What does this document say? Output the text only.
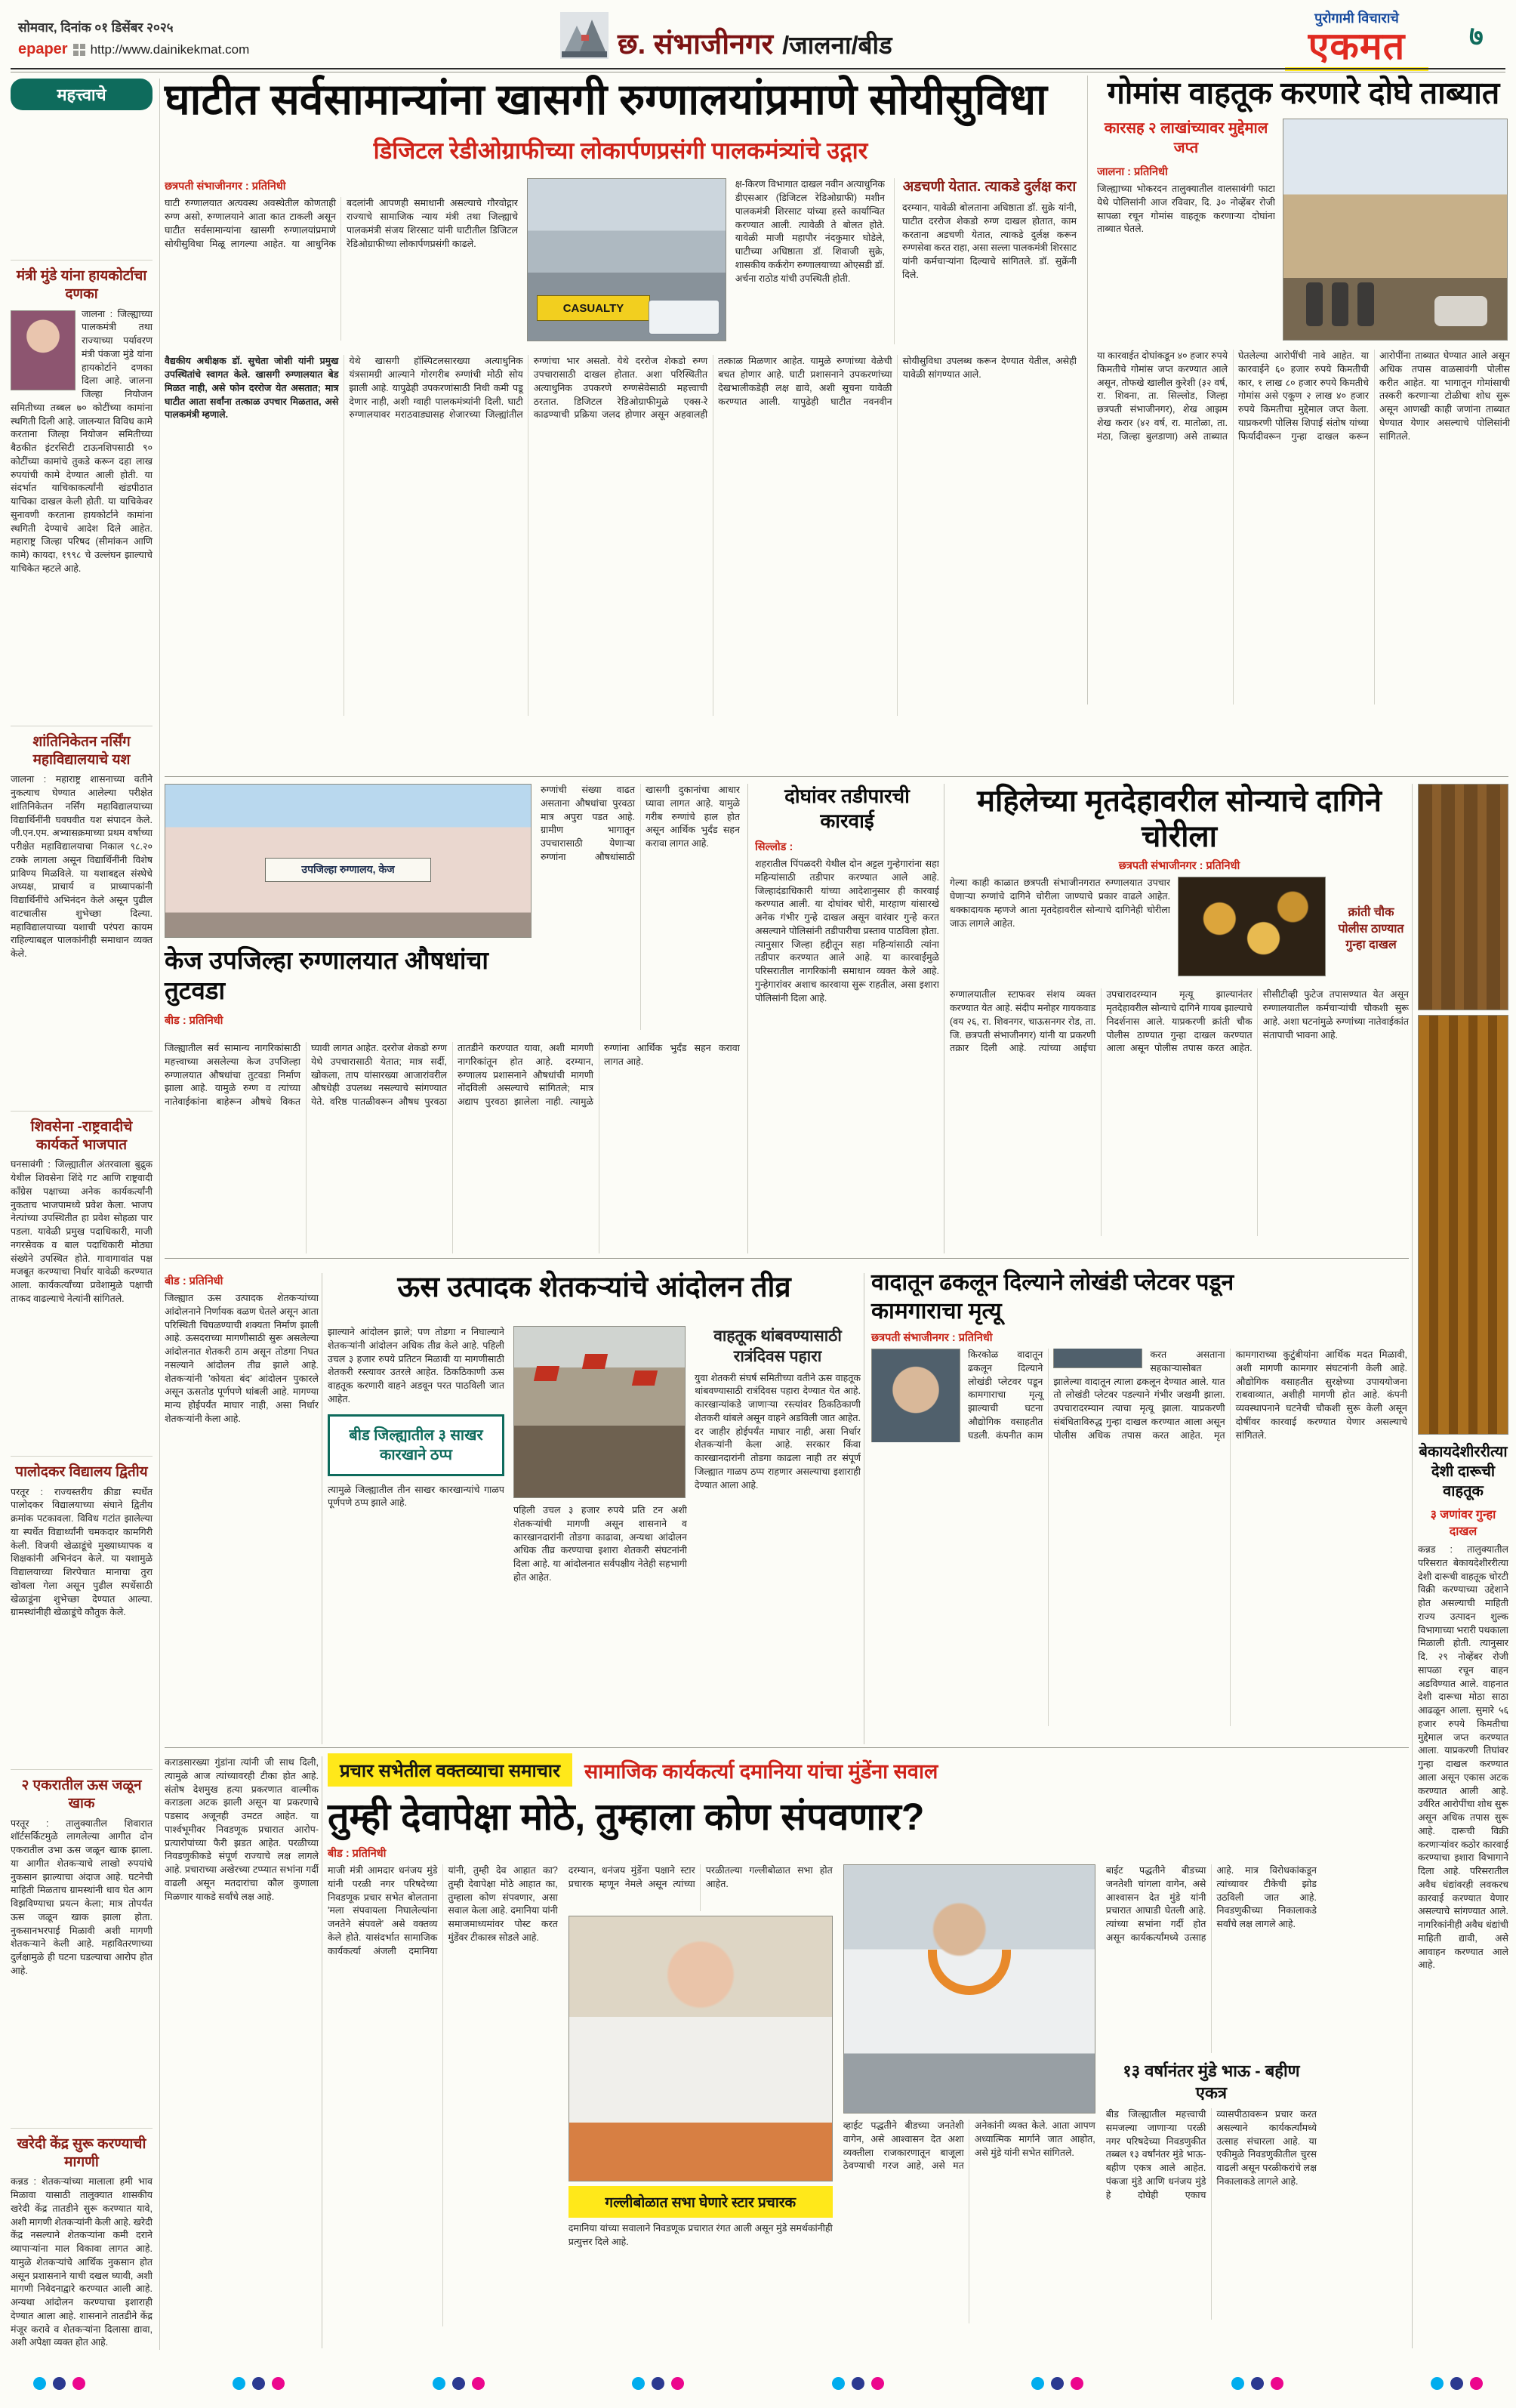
सोमवार, दिनांक ०१ डिसेंबर २०२५
epaper http://www.dainikekmat.com	छ. संभाजीनगर /जालना/बीड
पुरोगामी विचाराचे
एकमत	७
महत्त्वाचे
मंत्री मुंडे यांना हायकोर्टाचा दणका
जालना : जिल्ह्याच्या पालकमंत्री तथा राज्याच्या पर्यावरण मंत्री पंकजा मुंडे यांना हायकोर्टाने दणका दिला आहे. जालना जिल्हा नियोजन समितीच्या तब्बल ७० कोटींच्या कामांना स्थगिती दिली आहे. जालन्यात विविध कामे करताना जिल्हा नियोजन समितीच्या बैठकीत इंटरसिटी टाऊनशिपसाठी ९० कोटींच्या कामांचे तुकडे करून दहा लाख रुपयांची कामे देण्यात आली होती. या संदर्भात याचिकाकर्त्यांनी खंडपीठात याचिका दाखल केली होती. या याचिकेवर सुनावणी करताना हायकोर्टाने कामांना स्थगिती देण्याचे आदेश दिले आहेत. महाराष्ट्र जिल्हा परिषद (सीमांकन आणि कामे) कायदा, १९९८ चे उल्लंघन झाल्याचे याचिकेत म्हटले आहे.
शांतिनिकेतन नर्सिंग महाविद्यालयाचे यश
जालना : महाराष्ट्र शासनाच्या वतीने नुकत्याच घेण्यात आलेल्या परीक्षेत शांतिनिकेतन नर्सिंग महाविद्यालयाच्या विद्यार्थिनींनी घवघवीत यश संपादन केले. जी.एन.एम. अभ्यासक्रमाच्या प्रथम वर्षाच्या परीक्षेत महाविद्यालयाचा निकाल ९८.२० टक्के लागला असून विद्यार्थिनींनी विशेष प्राविण्य मिळविले. या यशाबद्दल संस्थेचे अध्यक्ष, प्राचार्य व प्राध्यापकांनी विद्यार्थिनींचे अभिनंदन केले असून पुढील वाटचालीस शुभेच्छा दिल्या. महाविद्यालयाच्या यशाची परंपरा कायम राहिल्याबद्दल पालकांनीही समाधान व्यक्त केले.
शिवसेना -राष्ट्रवादीचे कार्यकर्ते भाजपात
घनसावंगी : जिल्ह्यातील अंतरवाला बुद्रुक येथील शिवसेना शिंदे गट आणि राष्ट्रवादी काँग्रेस पक्षाच्या अनेक कार्यकर्त्यांनी नुकताच भाजपामध्ये प्रवेश केला. भाजप नेत्यांच्या उपस्थितीत हा प्रवेश सोहळा पार पडला. यावेळी प्रमुख पदाधिकारी, माजी नगरसेवक व बाल पदाधिकारी मोठ्या संख्येने उपस्थित होते. गावागावांत पक्ष मजबूत करण्याचा निर्धार यावेळी करण्यात आला. कार्यकर्त्यांच्या प्रवेशामुळे पक्षाची ताकद वाढल्याचे नेत्यांनी सांगितले.
पालोदकर विद्यालय द्वितीय
परतूर : राज्यस्तरीय क्रीडा स्पर्धेत पालोदकर विद्यालयाच्या संघाने द्वितीय क्रमांक पटकावला. विविध गटांत झालेल्या या स्पर्धेत विद्यार्थ्यांनी चमकदार कामगिरी केली. विजयी खेळाडूंचे मुख्याध्यापक व शिक्षकांनी अभिनंदन केले. या यशामुळे विद्यालयाच्या शिरपेचात मानाचा तुरा खोवला गेला असून पुढील स्पर्धेसाठी खेळाडूंना शुभेच्छा देण्यात आल्या. ग्रामस्थांनीही खेळाडूंचे कौतुक केले.
२ एकरातील ऊस जळून खाक
परतूर : तालुक्यातील शिवारात शॉर्टसर्किटमुळे लागलेल्या आगीत दोन एकरातील उभा ऊस जळून खाक झाला. या आगीत शेतकऱ्याचे लाखो रुपयांचे नुकसान झाल्याचा अंदाज आहे. घटनेची माहिती मिळताच ग्रामस्थांनी धाव घेत आग विझविण्याचा प्रयत्न केला; मात्र तोपर्यंत ऊस जळून खाक झाला होता. नुकसानभरपाई मिळावी अशी मागणी शेतकऱ्याने केली आहे. महावितरणाच्या दुर्लक्षामुळे ही घटना घडल्याचा आरोप होत आहे.
खरेदी केंद्र सुरू करण्याची मागणी
कन्नड : शेतकऱ्यांच्या मालाला हमी भाव मिळावा यासाठी तालुक्यात शासकीय खरेदी केंद्र तातडीने सुरू करण्यात यावे, अशी मागणी शेतकऱ्यांनी केली आहे. खरेदी केंद्र नसल्याने शेतकऱ्यांना कमी दराने व्यापाऱ्यांना माल विकावा लागत आहे. यामुळे शेतकऱ्यांचे आर्थिक नुकसान होत असून प्रशासनाने याची दखल घ्यावी, अशी मागणी निवेदनाद्वारे करण्यात आली आहे. अन्यथा आंदोलन करण्याचा इशाराही देण्यात आला आहे. शासनाने तातडीने केंद्र मंजूर करावे व शेतकऱ्यांना दिलासा द्यावा, अशी अपेक्षा व्यक्त होत आहे.
घाटीत सर्वसामान्यांना खासगी रुग्णालयांप्रमाणे सोयीसुविधा
डिजिटल रेडीओग्राफीच्या लोकार्पणप्रसंगी पालकमंत्र्यांचे उद्गार
छत्रपती संभाजीनगर : प्रतिनिधी
घाटी रुग्णालयात अत्यवस्थ अवस्थेतील कोणताही रुग्ण असो, रुग्णालयाने आता कात टाकली असून घाटीत सर्वसामान्यांना खासगी रुग्णालयांप्रमाणे सोयीसुविधा मिळू लागल्या आहेत. या आधुनिक बदलांनी आपणही समाधानी असल्याचे गौरवोद्गार राज्याचे सामाजिक न्याय मंत्री तथा जिल्ह्याचे पालकमंत्री संजय शिरसाट यांनी घाटीतील डिजिटल रेडिओग्राफीच्या लोकार्पणप्रसंगी काढले.
CASUALTY
क्ष-किरण विभागात दाखल नवीन अत्याधुनिक डीएसआर (डिजिटल रेडिओग्राफी) मशीन पालकमंत्री शिरसाट यांच्या हस्ते कार्यान्वित करण्यात आली. त्यावेळी ते बोलत होते. यावेळी माजी महापौर नंदकुमार घोडेले, घाटीच्या अधिष्ठाता डॉ. शिवाजी सुक्रे, शासकीय कर्करोग रुग्णालयाच्या ओएसडी डॉ. अर्चना राठोड यांची उपस्थिती होती.
अडचणी येतात. त्याकडे दुर्लक्ष करा
दरम्यान, यावेळी बोलताना अधिष्ठाता डॉ. सुक्रे यांनी, घाटीत दररोज शेकडो रुग्ण दाखल होतात, काम करताना अडचणी येतात, त्याकडे दुर्लक्ष करून रुग्णसेवा करत राहा, असा सल्ला पालकमंत्री शिरसाट यांनी कर्मचाऱ्यांना दिल्याचे सांगितले. डॉ. सुक्रेंनी दिले.

वैद्यकीय अधीक्षक डॉ. सुचेता जोशी यांनी प्रमुख उपस्थितांचे स्वागत केले. खासगी रुग्णालयात बेड मिळत नाही, असे फोन दररोज येत असतात; मात्र घाटीत आता सर्वांना तत्काळ उपचार मिळतात, असे पालकमंत्री म्हणाले.

येथे खासगी हॉस्पिटलसारख्या अत्याधुनिक यंत्रसामग्री आल्याने गोरगरीब रुग्णांची मोठी सोय झाली आहे. यापुढेही उपकरणांसाठी निधी कमी पडू देणार नाही, अशी ग्वाही पालकमंत्र्यांनी दिली. घाटी रुग्णालयावर मराठवाड्यासह शेजारच्या जिल्ह्यांतील रुग्णांचा भार असतो. येथे दररोज शेकडो रुग्ण उपचारासाठी दाखल होतात. अशा परिस्थितीत अत्याधुनिक उपकरणे रुग्णसेवेसाठी महत्त्वाची ठरतात. डिजिटल रेडिओग्राफीमुळे एक्स-रे काढण्याची प्रक्रिया जलद होणार असून अहवालही तत्काळ मिळणार आहेत. यामुळे रुग्णांच्या वेळेची बचत होणार आहे. घाटी प्रशासनाने उपकरणांच्या देखभालीकडेही लक्ष द्यावे, अशी सूचना यावेळी करण्यात आली. यापुढेही घाटीत नवनवीन सोयीसुविधा उपलब्ध करून देण्यात येतील, असेही यावेळी सांगण्यात आले.

गोमांस वाहतूक करणारे दोघे ताब्यात
कारसह २ लाखांच्यावर मुद्देमाल जप्त
जालना : प्रतिनिधी
जिल्ह्याच्या भोकरदन तालुक्यातील वालसावंगी फाटा येथे पोलिसांनी आज रविवार, दि. ३० नोव्हेंबर रोजी सापळा रचून गोमांस वाहतूक करणाऱ्या दोघांना ताब्यात घेतले.
या कारवाईत दोघांकडून ४० हजार रुपये किमतीचे गोमांस जप्त करण्यात आले असून, तोफखे खालील कुरेशी (३२ वर्ष, रा. शिवना, ता. सिल्लोड, जिल्हा छत्रपती संभाजीनगर), शेख आझम शेख करार (४२ वर्ष, रा. मातोळा, ता. मंठा, जिल्हा बुलडाणा) असे ताब्यात घेतलेल्या आरोपींची नावे आहेत. या कारवाईने ६० हजार रुपये किमतीची कार, १ लाख ८० हजार रुपये किमतीचे गोमांस असे एकूण २ लाख ४० हजार रुपये किमतीचा मुद्देमाल जप्त केला. याप्रकरणी पोलिस शिपाई संतोष यांच्या फिर्यादीवरून गुन्हा दाखल करून आरोपींना ताब्यात घेण्यात आले असून अधिक तपास वाळसावंगी पोलीस करीत आहेत. या भागातून गोमांसाची तस्करी करणाऱ्या टोळीचा शोध सुरू असून आणखी काही जणांना ताब्यात घेण्यात येणार असल्याचे पोलिसांनी सांगितले.
उपजिल्हा रुग्णालय, केज
रुग्णांची संख्या वाढत असताना औषधांचा पुरवठा मात्र अपुरा पडत आहे. ग्रामीण भागातून उपचारासाठी येणाऱ्या रुग्णांना औषधांसाठी खासगी दुकानांचा आधार घ्यावा लागत आहे. यामुळे गरीब रुग्णांचे हाल होत असून आर्थिक भुर्दंड सहन करावा लागत आहे.
केज उपजिल्हा रुग्णालयात औषधांचा तुटवडा
बीड : प्रतिनिधी
जिल्ह्यातील सर्व सामान्य नागरिकांसाठी महत्त्वाच्या असलेल्या केज उपजिल्हा रुग्णालयात औषधांचा तुटवडा निर्माण झाला आहे. यामुळे रुग्ण व त्यांच्या नातेवाईकांना बाहेरून औषधे विकत घ्यावी लागत आहेत. दररोज शेकडो रुग्ण येथे उपचारासाठी येतात; मात्र सर्दी, खोकला, ताप यांसारख्या आजारांवरील औषधेही उपलब्ध नसल्याचे सांगण्यात येते. वरिष्ठ पातळीवरून औषध पुरवठा तातडीने करण्यात यावा, अशी मागणी नागरिकांतून होत आहे. दरम्यान, रुग्णालय प्रशासनाने औषधांची मागणी नोंदविली असल्याचे सांगितले; मात्र अद्याप पुरवठा झालेला नाही. त्यामुळे रुग्णांना आर्थिक भुर्दंड सहन करावा लागत आहे.
दोघांवर तडीपारची कारवाई
सिल्लोड :
शहरातील पिंपळदरी येथील दोन अट्टल गुन्हेगारांना सहा महिन्यांसाठी तडीपार करण्यात आले आहे. जिल्हादंडाधिकारी यांच्या आदेशानुसार ही कारवाई करण्यात आली. या दोघांवर चोरी, मारहाण यांसारखे अनेक गंभीर गुन्हे दाखल असून वारंवार गुन्हे करत असल्याने पोलिसांनी तडीपारीचा प्रस्ताव पाठविला होता. त्यानुसार जिल्हा हद्दीतून सहा महिन्यांसाठी त्यांना तडीपार करण्यात आले आहे. या कारवाईमुळे परिसरातील नागरिकांनी समाधान व्यक्त केले आहे. गुन्हेगारांवर अशाच कारवाया सुरू राहतील, असा इशारा पोलिसांनी दिला आहे.
महिलेच्या मृतदेहावरील सोन्याचे दागिने चोरीला
छत्रपती संभाजीनगर : प्रतिनिधी
गेल्या काही काळात छत्रपती संभाजीनगरात रुग्णालयात उपचार घेणाऱ्या रुग्णांचे दागिने चोरीला जाण्याचे प्रकार वाढले आहेत. धक्कादायक म्हणजे आता मृतदेहावरील सोन्याचे दागिनेही चोरीला जाऊ लागले आहेत.
क्रांती चौक पोलीस ठाण्यात गुन्हा दाखल
रुग्णालयातील स्टाफवर संशय व्यक्त करण्यात येत आहे. संदीप मनोहर गायकवाड (वय २६, रा. शिवनगर, चाऊसनगर रोड, ता. जि. छत्रपती संभाजीनगर) यांनी या प्रकरणी तक्रार दिली आहे. त्यांच्या आईचा उपचारादरम्यान मृत्यू झाल्यानंतर मृतदेहावरील सोन्याचे दागिने गायब झाल्याचे निदर्शनास आले. याप्रकरणी क्रांती चौक पोलीस ठाण्यात गुन्हा दाखल करण्यात आला असून पोलीस तपास करत आहेत. सीसीटीव्ही फुटेज तपासण्यात येत असून रुग्णालयातील कर्मचाऱ्यांची चौकशी सुरू आहे. अशा घटनांमुळे रुग्णांच्या नातेवाईकांत संतापाची भावना आहे.
बेकायदेशीररीत्या देशी दारूची वाहतूक
३ जणांवर गुन्हा दाखल
कन्नड : तालुक्यातील परिसरात बेकायदेशीररीत्या देशी दारूची वाहतूक चोरटी विक्री करण्याच्या उद्देशाने होत असल्याची माहिती राज्य उत्पादन शुल्क विभागाच्या भरारी पथकाला मिळाली होती. त्यानुसार दि. २९ नोव्हेंबर रोजी सापळा रचून वाहन अडविण्यात आले. वाहनात देशी दारूचा मोठा साठा आढळून आला. सुमारे ५६ हजार रुपये किमतीचा मुद्देमाल जप्त करण्यात आला. याप्रकरणी तिघांवर गुन्हा दाखल करण्यात आला असून एकास अटक करण्यात आली आहे. उर्वरित आरोपींचा शोध सुरू असून अधिक तपास सुरू आहे. दारूची विक्री करणाऱ्यांवर कठोर कारवाई करण्याचा इशारा विभागाने दिला आहे. परिसरातील अवैध धंद्यांवरही लवकरच कारवाई करण्यात येणार असल्याचे सांगण्यात आले. नागरिकांनीही अवैध धंद्यांची माहिती द्यावी, असे आवाहन करण्यात आले आहे.
बीड : प्रतिनिधी
जिल्ह्यात ऊस उत्पादक शेतकऱ्यांच्या आंदोलनाने निर्णायक वळण घेतले असून आता परिस्थिती चिघळण्याची शक्यता निर्माण झाली आहे. ऊसदराच्या मागणीसाठी सुरू असलेल्या आंदोलनात शेतकरी ठाम असून तोडगा निघत नसल्याने आंदोलन तीव्र झाले आहे. शेतकऱ्यांनी 'कोयता बंद' आंदोलन पुकारले असून ऊसतोड पूर्णपणे थांबली आहे. मागण्या मान्य होईपर्यंत माघार नाही, असा निर्धार शेतकऱ्यांनी केला आहे.
ऊस उत्पादक शेतकऱ्यांचे आंदोलन तीव्र
झाल्याने आंदोलन झाले; पण तोडगा न निघाल्याने शेतकऱ्यांनी आंदोलन अधिक तीव्र केले आहे. पहिली उचल ३ हजार रुपये प्रतिटन मिळावी या मागणीसाठी शेतकरी रस्त्यावर उतरले आहेत. ठिकठिकाणी ऊस वाहतूक करणारी वाहने अडवून परत पाठविली जात आहेत.
बीड जिल्ह्यातील ३ साखर कारखाने ठप्प
त्यामुळे जिल्ह्यातील तीन साखर कारखान्यांचे गाळप पूर्णपणे ठप्प झाले आहे.
पहिली उचल ३ हजार रुपये प्रति टन अशी शेतकऱ्यांची मागणी असून शासनाने व कारखानदारांनी तोडगा काढावा, अन्यथा आंदोलन अधिक तीव्र करण्याचा इशारा शेतकरी संघटनांनी दिला आहे. या आंदोलनात सर्वपक्षीय नेतेही सहभागी होत आहेत.
वाहतूक थांबवण्यासाठी रात्रंदिवस पहारा
युवा शेतकरी संघर्ष समितीच्या वतीने ऊस वाहतूक थांबवण्यासाठी रात्रंदिवस पहारा देण्यात येत आहे. कारखान्यांकडे जाणाऱ्या रस्त्यांवर ठिकठिकाणी शेतकरी थांबले असून वाहने अडविली जात आहेत. दर जाहीर होईपर्यंत माघार नाही, असा निर्धार शेतकऱ्यांनी केला आहे. सरकार किंवा कारखानदारांनी तोडगा काढला नाही तर संपूर्ण जिल्ह्यात गाळप ठप्प राहणार असल्याचा इशाराही देण्यात आला आहे.
वादातून ढकलून दिल्याने लोखंडी प्लेटवर पडून कामगाराचा मृत्यू
छत्रपती संभाजीनगर : प्रतिनिधी
किरकोळ वादातून ढकलून दिल्याने लोखंडी प्लेटवर पडून कामगाराचा मृत्यू झाल्याची घटना औद्योगिक वसाहतीत घडली. कंपनीत काम करत असताना सहकाऱ्यासोबत झालेल्या वादातून त्याला ढकलून देण्यात आले. यात तो लोखंडी प्लेटवर पडल्याने गंभीर जखमी झाला. उपचारादरम्यान त्याचा मृत्यू झाला. याप्रकरणी संबंधिताविरुद्ध गुन्हा दाखल करण्यात आला असून पोलीस अधिक तपास करत आहेत. मृत कामगाराच्या कुटुंबीयांना आर्थिक मदत मिळावी, अशी मागणी कामगार संघटनांनी केली आहे. औद्योगिक वसाहतीत सुरक्षेच्या उपाययोजना राबवाव्यात, अशीही मागणी होत आहे. कंपनी व्यवस्थापनाने घटनेची चौकशी सुरू केली असून दोषींवर कारवाई करण्यात येणार असल्याचे सांगितले.
कराडसारख्या गुंडांना त्यांनी जी साथ दिली, त्यामुळे आज त्यांच्यावरही टीका होत आहे. संतोष देशमुख हत्या प्रकरणात वाल्मीक कराडला अटक झाली असून या प्रकरणाचे पडसाद अजूनही उमटत आहेत. या पार्श्वभूमीवर निवडणूक प्रचारात आरोप-प्रत्यारोपांच्या फैरी झडत आहेत. परळीच्या निवडणुकीकडे संपूर्ण राज्याचे लक्ष लागले आहे. प्रचाराच्या अखेरच्या टप्प्यात सभांना गर्दी वाढली असून मतदारांचा कौल कुणाला मिळणार याकडे सर्वांचे लक्ष आहे.
प्रचार सभेतील वक्तव्याचा समाचार	सामाजिक कार्यकर्त्या दमानिया यांचा मुंडेंना सवाल
तुम्ही देवापेक्षा मोठे, तुम्हाला कोण संपवणार?
बीड : प्रतिनिधी
माजी मंत्री आमदार धनंजय मुंडे यांनी परळी नगर परिषदेच्या निवडणूक प्रचार सभेत बोलताना 'मला संपवायला निघालेल्यांना जनतेने संपवले' असे वक्तव्य केले होते. यासंदर्भात सामाजिक कार्यकर्त्या अंजली दमानिया यांनी, तुम्ही देव आहात का? तुम्ही देवापेक्षा मोठे आहात का, तुम्हाला कोण संपवणार, असा सवाल केला आहे. दमानिया यांनी समाजमाध्यमांवर पोस्ट करत मुंडेंवर टीकास्त्र सोडले आहे.
दरम्यान, धनंजय मुंडेंना पक्षाने स्टार प्रचारक म्हणून नेमले असून त्यांच्या परळीतल्या गल्लीबोळात सभा होत आहेत.
गल्लीबोळात सभा घेणारे स्टार प्रचारक
दमानिया यांच्या सवालाने निवडणूक प्रचारात रंगत आली असून मुंडे समर्थकांनीही प्रत्युत्तर दिले आहे.
व्हाईट पद्धतीने बीडच्या जनतेशी वागेन, असे आश्वासन देत अशा व्यक्तीला राजकारणातून बाजूला ठेवण्याची गरज आहे, असे मत अनेकांनी व्यक्त केले. आता आपण अध्यात्मिक मार्गाने जात आहोत, असे मुंडे यांनी सभेत सांगितले.
बाईट पद्धतीने बीडच्या जनतेशी चांगला वागेन, असे आश्वासन देत मुंडे यांनी प्रचारात आघाडी घेतली आहे. त्यांच्या सभांना गर्दी होत असून कार्यकर्त्यांमध्ये उत्साह आहे. मात्र विरोधकांकडून त्यांच्यावर टीकेची झोड उठविली जात आहे. निवडणुकीच्या निकालाकडे सर्वांचे लक्ष लागले आहे.
१३ वर्षानंतर मुंडे भाऊ - बहीण एकत्र
बीड जिल्ह्यातील महत्त्वाची समजल्या जाणाऱ्या परळी नगर परिषदेच्या निवडणुकीत तब्बल १३ वर्षांनंतर मुंडे भाऊ-बहीण एकत्र आले आहेत. पंकजा मुंडे आणि धनंजय मुंडे हे दोघेही एकाच व्यासपीठावरून प्रचार करत असल्याने कार्यकर्त्यांमध्ये उत्साह संचारला आहे. या एकीमुळे निवडणुकीतील चुरस वाढली असून परळीकरांचे लक्ष निकालाकडे लागले आहे.
